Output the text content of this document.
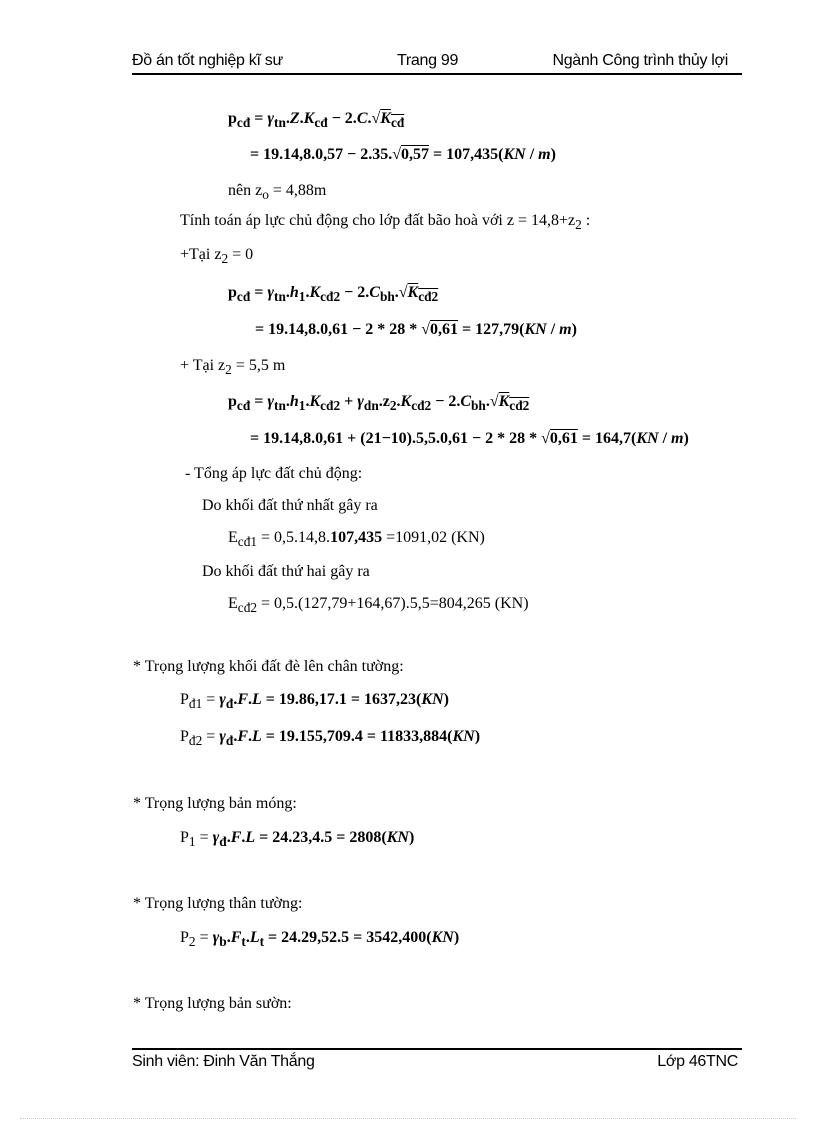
Đồ án tốt nghiệp kĩ sư	Trang 99	Ngành Công trình thủy lợi
$p_{cđ} = \gamma_{tn}.Z.K_{cđ} - 2.C.√K_{cđ}$
= 19.14,8.0,57 − 2.35.√0,57 = 107,435(KN / m)
nên $z_o = 4,88m$
Tính toán áp lực chủ động cho lớp đất bão hoà với $z = 14,8+z_2$ :
+Tại $z_2 = 0$
$p_{cđ} = \gamma_{tn}.h_1.K_{cđ2} - 2.C_{bh}.√K_{cđ2}$
= 19.14,8.0,61 − 2 * 28 * √0,61 = 127,79(KN / m)
+ Tại $z_2 = 5,5$ m
$p_{cđ} = \gamma_{tn}.h_1.K_{cđ2} + \gamma_{dn}.z_2.K_{cđ2} - 2.C_{bh}.√K_{cđ2}$
= 19.14,8.0,61 + (21−10).5,5.0,61 − 2 * 28 * √0,61 = 164,7(KN / m)
- Tổng áp lực đất chủ động:
Do khối đất thứ nhất gây ra
$E_{cđ1} = 0,5.14,8.107,435 =1091,02$ (KN)
Do khối đất thứ hai gây ra
$E_{cđ2} = 0,5.(127,79+164,67).5,5=804,265$ (KN)
* Trọng lượng khối đất đè lên chân tường:
$P_{đ1} = \gamma_đ.F.L = 19.86,17.1 = 1637,23(KN)$
$P_{đ2} = \gamma_đ.F.L = 19.155,709.4 = 11833,884(KN)$
* Trọng lượng bản móng:
$P_1 = \gamma_đ.F.L = 24.23,4.5 = 2808(KN)$
* Trọng lượng thân tường:
$P_2 = \gamma_b.F_t.L_t = 24.29,52.5 = 3542,400(KN)$
* Trọng lượng bản sườn:
Sinh viên: Đinh Văn Thắng	Lớp 46TNC
